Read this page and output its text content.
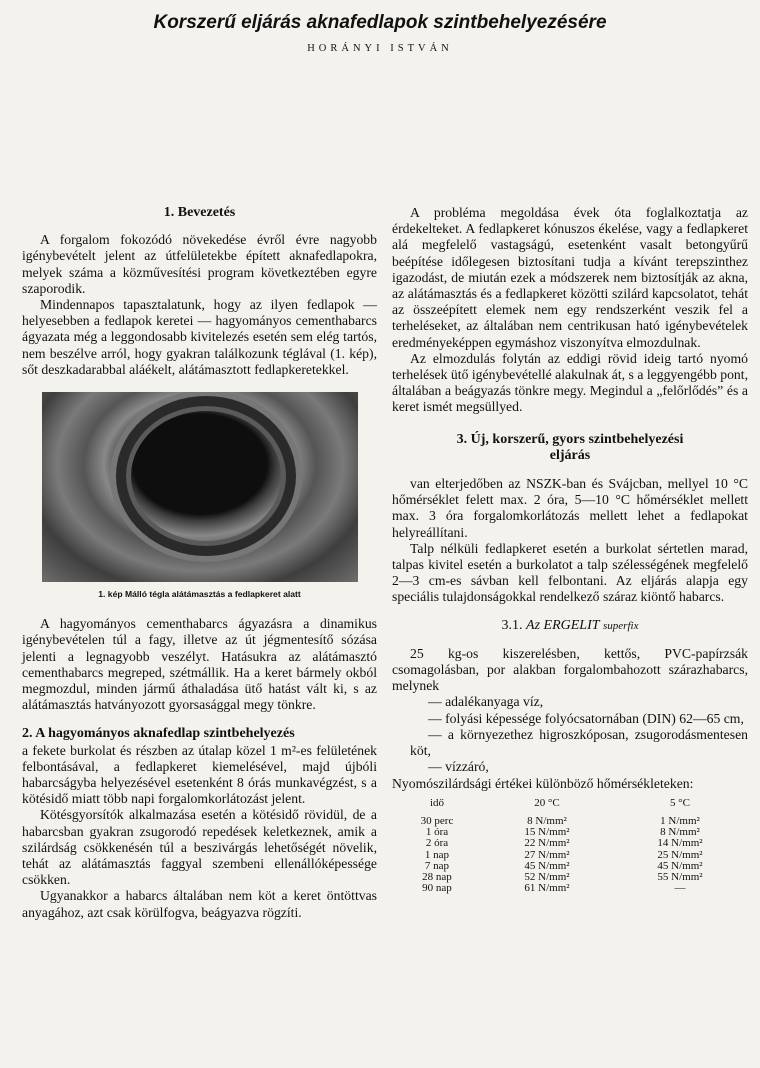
Korszerű eljárás aknafedlapok szintbehelyezésére
HORÁNYI ISTVÁN
1. Bevezetés

A forgalom fokozódó növekedése évről évre nagyobb igénybevételt jelent az útfelületekbe épített aknafedlapokra, melyek száma a közművesítési program következtében egyre szaporodik.

Mindennapos tapasztalatunk, hogy az ilyen fedlapok — helyesebben a fedlapok keretei — hagyományos cementhabarcs ágyazata még a leggondosabb kivitelezés esetén sem elég tartós, nem beszélve arról, hogy gyakran találkozunk téglával (1. kép), sőt deszkadarabbal aláékelt, alátámasztott fedlapkeretekkel.

1. kép Málló tégla alátámasztás a fedlapkeret alatt

A hagyományos cementhabarcs ágyazásra a dinamikus igénybevételen túl a fagy, illetve az út jégmentesítő sózása jelenti a legnagyobb veszélyt. Hatásukra az alátámasztó cementhabarcs megreped, szétmállik. Ha a keret bármely okból megmozdul, minden jármű áthaladása ütő hatást vált ki, s az alátámasztás hatványozott gyorsasággal megy tönkre.

2. A hagyományos aknafedlap szintbehelyezés

a fekete burkolat és részben az útalap közel 1 m²-es felületének felbontásával, a fedlapkeret kiemelésével, majd újbóli habarcságyba helyezésével esetenként 8 órás munkavégzést, s a kötésidő miatt több napi forgalomkorlátozást jelent.

Kötésgyorsítók alkalmazása esetén a kötésidő rövidül, de a habarcsban gyakran zsugorodó repedések keletkeznek, amik a szilárdság csökkenésén túl a beszivárgás lehetőségét növelik, tehát az alátámasztás faggyal szembeni ellenállóképessége csökken.

Ugyanakkor a habarcs általában nem köt a keret öntöttvas anyagához, azt csak körülfogva, beágyazva rögzíti.

A probléma megoldása évek óta foglalkoztatja az érdekelteket. A fedlapkeret kónuszos ékelése, vagy a fedlapkeret alá megfelelő vastagságú, esetenként vasalt betongyűrű beépítése időlegesen biztosítani tudja a kívánt terepszinthez igazodást, de miután ezek a módszerek nem biztosítják az akna, az alátámasztás és a fedlapkeret közötti szilárd kapcsolatot, tehát az összeépített elemek nem egy rendszerként veszik fel a terheléseket, az általában nem centrikusan ható igénybevételek eredményeképpen egymáshoz viszonyítva elmozdulnak.

Az elmozdulás folytán az eddigi rövid ideig tartó nyomó terhelések ütő igénybevétellé alakulnak át, s a leggyengébb pont, általában a beágyazás tönkre megy. Megindul a „felőrlődés” és a keret ismét megsüllyed.

3. Új, korszerű, gyors szintbehelyezési
eljárás

van elterjedőben az NSZK-ban és Svájcban, mellyel 10 °C hőmérséklet felett max. 2 óra, 5—10 °C hőmérséklet mellett max. 3 óra forgalomkorlátozás mellett lehet a fedlapokat helyreállítani.

Talp nélküli fedlapkeret esetén a burkolat sértetlen marad, talpas kivitel esetén a burkolatot a talp szélességének megfelelő 2—3 cm-es sávban kell felbontani. Az eljárás alapja egy speciális tulajdonságokkal rendelkező száraz kiöntő habarcs.

3.1. Az ERGELIT superfix

25 kg-os kiszerelésben, kettős, PVC-papírzsák csomagolásban, por alakban forgalombahozott szárazhabarcs, melynek

— adalékanyaga víz,

— folyási képessége folyócsatornában (DIN) 62—65 cm,

— a környezethez higroszkóposan, zsugorodásmentesen köt,

— vízzáró,

Nyomószilárdsági értékei különböző hőmérsékleteken:

idő	20 °C	5 °C
30 perc	8 N/mm²	1 N/mm²
1 óra	15 N/mm²	8 N/mm²
2 óra	22 N/mm²	14 N/mm²
1 nap	27 N/mm²	25 N/mm²
7 nap	45 N/mm²	45 N/mm²
28 nap	52 N/mm²	55 N/mm²
90 nap	61 N/mm²	—
